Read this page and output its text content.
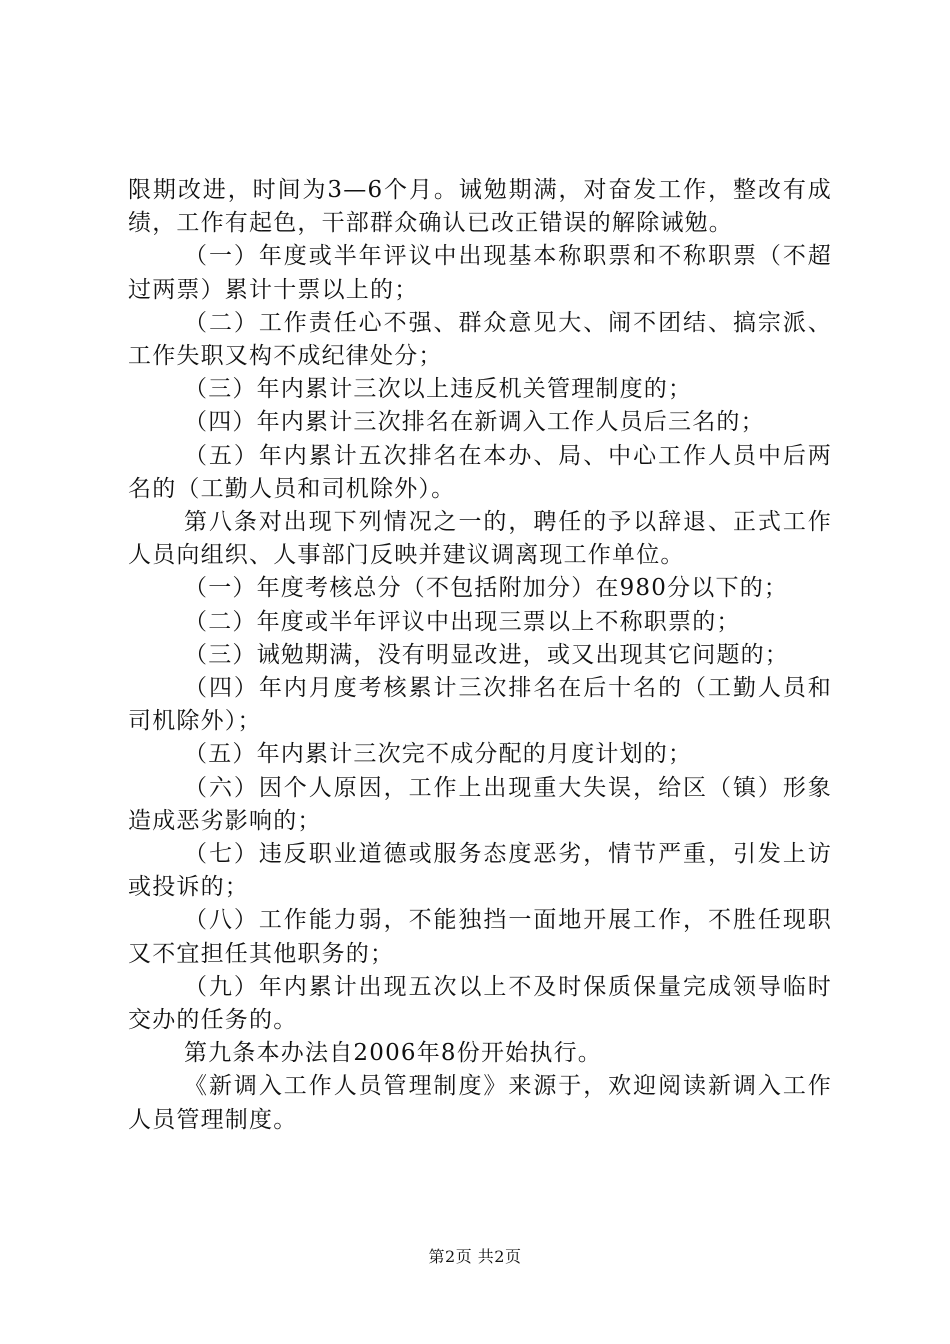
限期改进，时间为3—6个月。诫勉期满，对奋发工作，整改有成绩，工作有起色，干部群众确认已改正错误的解除诫勉。

（一）年度或半年评议中出现基本称职票和不称职票（不超过两票）累计十票以上的；

（二）工作责任心不强、群众意见大、闹不团结、搞宗派、工作失职又构不成纪律处分；

（三）年内累计三次以上违反机关管理制度的；

（四）年内累计三次排名在新调入工作人员后三名的；

（五）年内累计五次排名在本办、局、中心工作人员中后两名的（工勤人员和司机除外）。

第八条对出现下列情况之一的，聘任的予以辞退、正式工作人员向组织、人事部门反映并建议调离现工作单位。

（一）年度考核总分（不包括附加分）在980分以下的；

（二）年度或半年评议中出现三票以上不称职票的；

（三）诫勉期满，没有明显改进，或又出现其它问题的；

（四）年内月度考核累计三次排名在后十名的（工勤人员和司机除外）；

（五）年内累计三次完不成分配的月度计划的；

（六）因个人原因，工作上出现重大失误，给区（镇）形象造成恶劣影响的；

（七）违反职业道德或服务态度恶劣，情节严重，引发上访或投诉的；

（八）工作能力弱，不能独挡一面地开展工作，不胜任现职又不宜担任其他职务的；

（九）年内累计出现五次以上不及时保质保量完成领导临时交办的任务的。

第九条本办法自2006年8份开始执行。

《新调入工作人员管理制度》来源于，欢迎阅读新调入工作人员管理制度。

第2页 共2页
